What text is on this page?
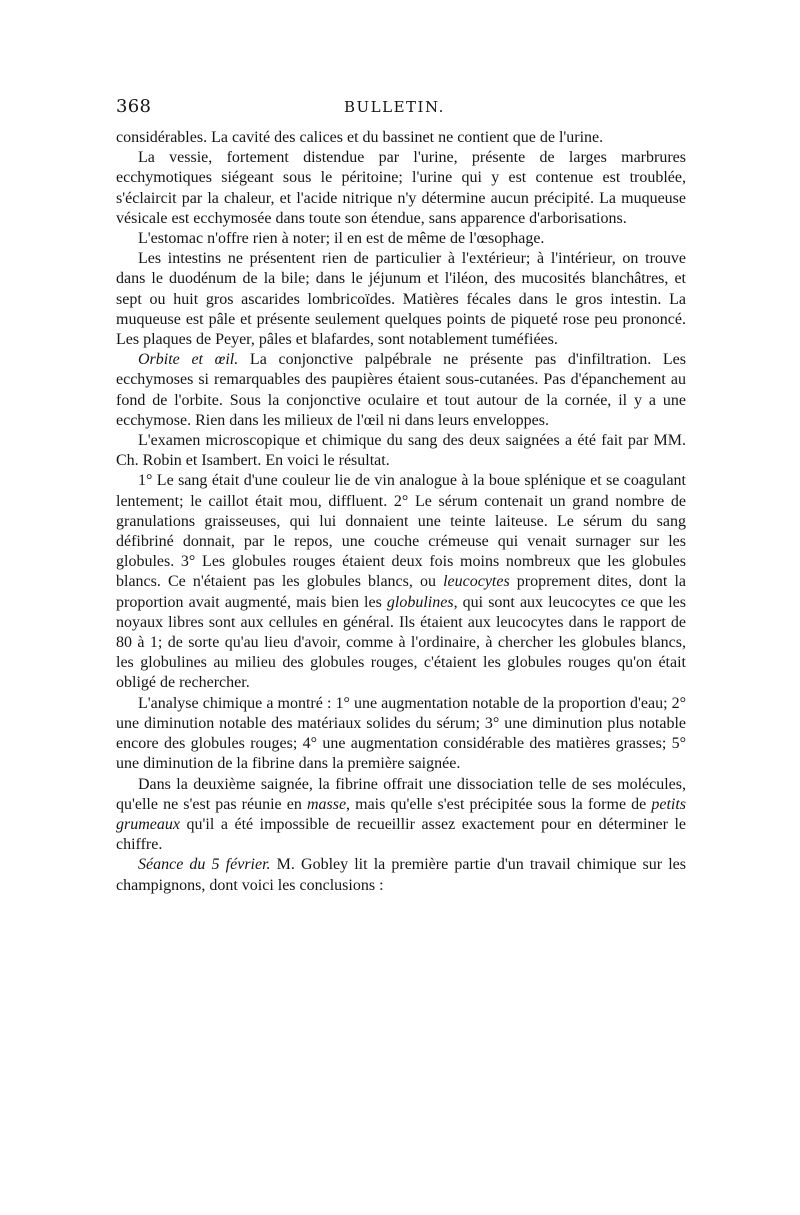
368	BULLETIN.

considérables. La cavité des calices et du bassinet ne contient que de l'urine.

La vessie, fortement distendue par l'urine, présente de larges marbrures ecchymotiques siégeant sous le péritoine; l'urine qui y est contenue est troublée, s'éclaircit par la chaleur, et l'acide nitrique n'y détermine aucun précipité. La muqueuse vésicale est ecchymosée dans toute son étendue, sans apparence d'arborisations.

L'estomac n'offre rien à noter; il en est de même de l'œsophage.

Les intestins ne présentent rien de particulier à l'extérieur; à l'intérieur, on trouve dans le duodénum de la bile; dans le jéjunum et l'iléon, des mucosités blanchâtres, et sept ou huit gros ascarides lombricoïdes. Matières fécales dans le gros intestin. La muqueuse est pâle et présente seulement quelques points de piqueté rose peu prononcé. Les plaques de Peyer, pâles et blafardes, sont notablement tuméfiées.

Orbite et œil. La conjonctive palpébrale ne présente pas d'infiltration. Les ecchymoses si remarquables des paupières étaient sous-cutanées. Pas d'épanchement au fond de l'orbite. Sous la conjonctive oculaire et tout autour de la cornée, il y a une ecchymose. Rien dans les milieux de l'œil ni dans leurs enveloppes.

L'examen microscopique et chimique du sang des deux saignées a été fait par MM. Ch. Robin et Isambert. En voici le résultat.

1° Le sang était d'une couleur lie de vin analogue à la boue splénique et se coagulant lentement; le caillot était mou, diffluent. 2° Le sérum contenait un grand nombre de granulations graisseuses, qui lui donnaient une teinte laiteuse. Le sérum du sang défibriné donnait, par le repos, une couche crémeuse qui venait surnager sur les globules. 3° Les globules rouges étaient deux fois moins nombreux que les globules blancs. Ce n'étaient pas les globules blancs, ou leucocytes proprement dites, dont la proportion avait augmenté, mais bien les globulines, qui sont aux leucocytes ce que les noyaux libres sont aux cellules en général. Ils étaient aux leucocytes dans le rapport de 80 à 1; de sorte qu'au lieu d'avoir, comme à l'ordinaire, à chercher les globules blancs, les globulines au milieu des globules rouges, c'étaient les globules rouges qu'on était obligé de rechercher.

L'analyse chimique a montré : 1° une augmentation notable de la proportion d'eau; 2° une diminution notable des matériaux solides du sérum; 3° une diminution plus notable encore des globules rouges; 4° une augmentation considérable des matières grasses; 5° une diminution de la fibrine dans la première saignée.

Dans la deuxième saignée, la fibrine offrait une dissociation telle de ses molécules, qu'elle ne s'est pas réunie en masse, mais qu'elle s'est précipitée sous la forme de petits grumeaux qu'il a été impossible de recueillir assez exactement pour en déterminer le chiffre.

Séance du 5 février. M. Gobley lit la première partie d'un travail chimique sur les champignons, dont voici les conclusions :
